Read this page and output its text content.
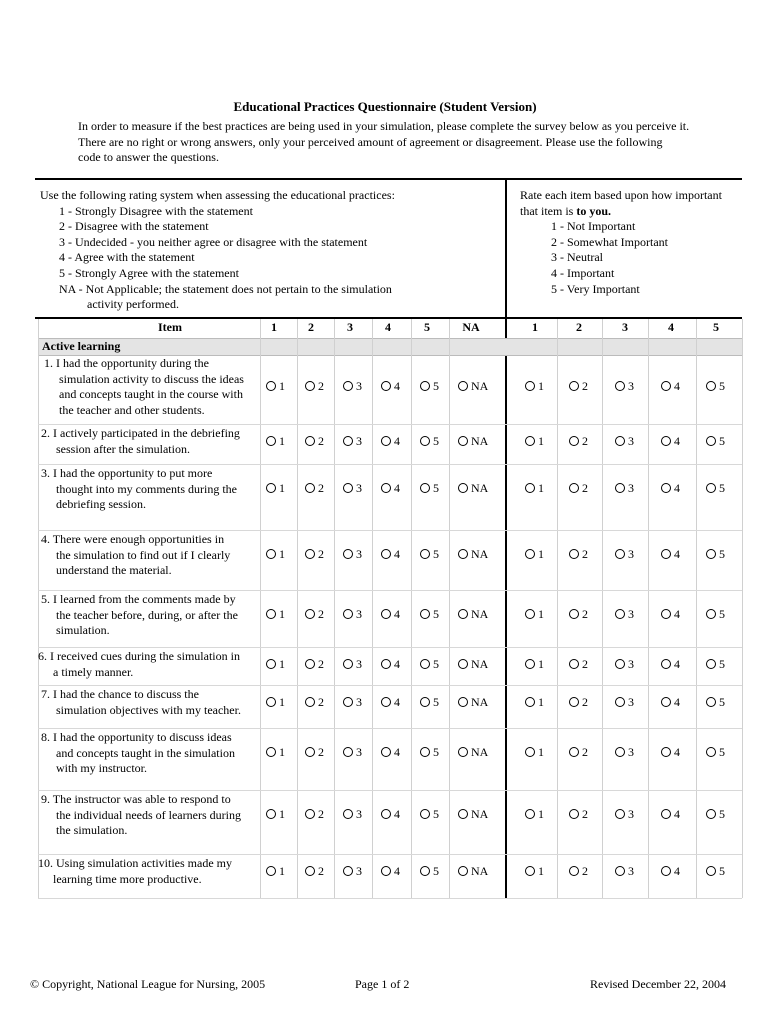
Educational Practices Questionnaire (Student Version)
In order to measure if the best practices are being used in your simulation, please complete the survey below as you perceive it.
There are no right or wrong answers, only your perceived amount of agreement or disagreement. Please use the following
code to answer the questions.
Use the following rating system when assessing the educational practices:
1 - Strongly Disagree with the statement
2 - Disagree with the statement
3 - Undecided - you neither agree or disagree with the statement
4 - Agree with the statement
5 - Strongly Agree with the statement
NA - Not Applicable; the statement does not pertain to the simulation
activity performed.
Rate each item based upon how important
that item is to you.
1 - Not Important
2 - Somewhat Important
3 - Neutral
4 - Important
5 - Very Important
Item	1	2	3	4	5	NA	1	2	3	4	5
Active learning
1. I had the opportunity during the
simulation activity to discuss the ideas
and concepts taught in the course with
the teacher and other students.
1	2	3	4	5	NA	1	2	3	4	5
2. I actively participated in the debriefing
session after the simulation.
1	2	3	4	5	NA	1	2	3	4	5
3. I had the opportunity to put more
thought into my comments during the
debriefing session.
1	2	3	4	5	NA	1	2	3	4	5
4. There were enough opportunities in
the simulation to find out if I clearly
understand the material.
1	2	3	4	5	NA	1	2	3	4	5
5. I learned from the comments made by
the teacher before, during, or after the
simulation.
1	2	3	4	5	NA	1	2	3	4	5
6. I received cues during the simulation in
a timely manner.
1	2	3	4	5	NA	1	2	3	4	5
7. I had the chance to discuss the
simulation objectives with my teacher.
1	2	3	4	5	NA	1	2	3	4	5
8. I had the opportunity to discuss ideas
and concepts taught in the simulation
with my instructor.
1	2	3	4	5	NA	1	2	3	4	5
9. The instructor was able to respond to
the individual needs of learners during
the simulation.
1	2	3	4	5	NA	1	2	3	4	5
10. Using simulation activities made my
learning time more productive.
1	2	3	4	5	NA	1	2	3	4	5
© Copyright, National League for Nursing, 2005	Page 1 of 2	Revised December 22, 2004
